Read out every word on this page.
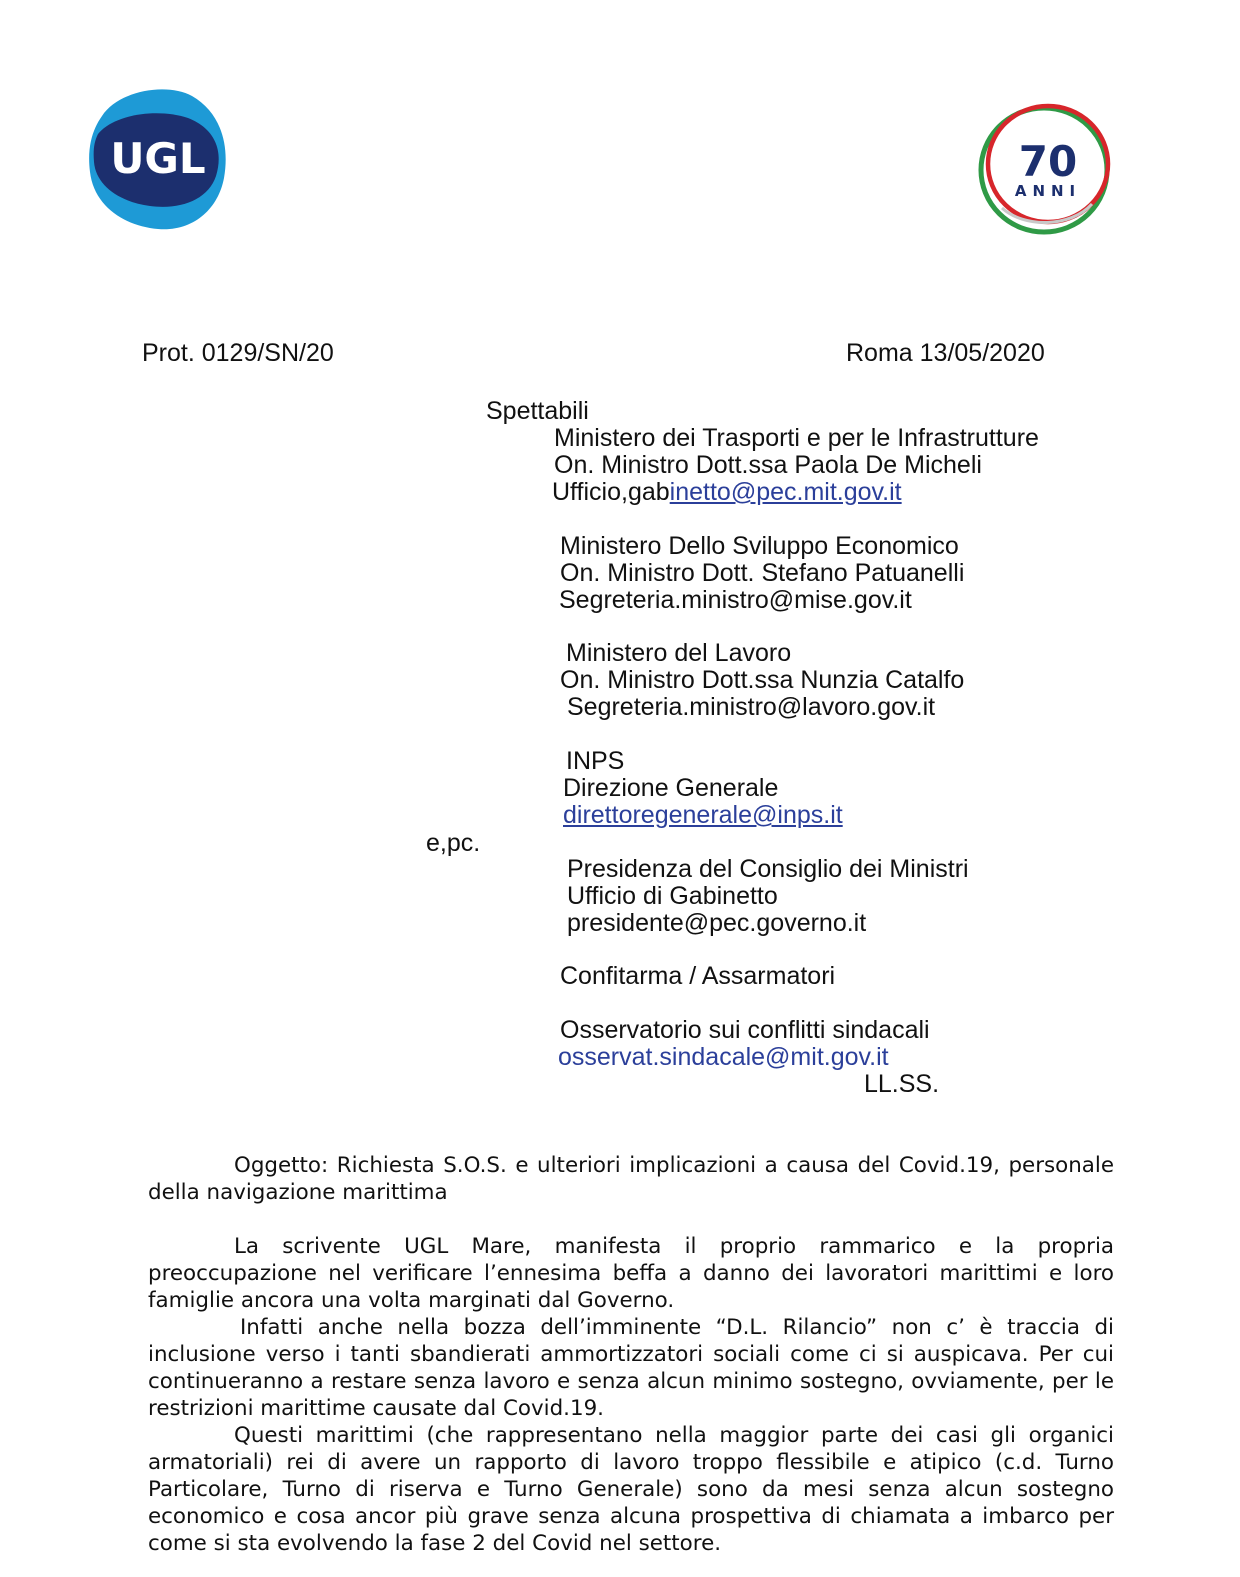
UGL	70
ANNI
Prot. 0129/SN/20	Roma 13/05/2020
Spettabili
Ministero dei Trasporti e per le Infrastrutture
On. Ministro Dott.ssa Paola De Micheli
Ufficio,gabinetto@pec.mit.gov.it
Ministero Dello Sviluppo Economico
On. Ministro Dott. Stefano Patuanelli
Segreteria.ministro@mise.gov.it
Ministero del Lavoro
On. Ministro Dott.ssa Nunzia Catalfo
Segreteria.ministro@lavoro.gov.it
e,pc.
INPS
Direzione Generale
direttoregenerale@inps.it
Presidenza del Consiglio dei Ministri
Ufficio di Gabinetto
presidente@pec.governo.it
Confitarma / Assarmatori
Osservatorio sui conflitti sindacali
osservat.sindacale@mit.gov.it
LL.SS.

Oggetto: Richiesta S.O.S. e ulteriori implicazioni a causa del Covid.19, personale della navigazione marittima

La scrivente UGL Mare, manifesta il proprio rammarico e la propria preoccupazione nel verificare l’ennesima beffa a danno dei lavoratori marittimi e loro famiglie ancora una volta marginati dal Governo.

Infatti anche nella bozza dell’imminente “D.L. Rilancio” non c’ è traccia di inclusione verso i tanti sbandierati ammortizzatori sociali come ci si auspicava. Per cui continueranno a restare senza lavoro e senza alcun minimo sostegno, ovviamente, per le restrizioni marittime causate dal Covid.19.

Questi marittimi (che rappresentano nella maggior parte dei casi gli organici armatoriali) rei di avere un rapporto di lavoro troppo flessibile e atipico (c.d. Turno Particolare, Turno di riserva e Turno Generale) sono da mesi senza alcun sostegno economico e cosa ancor più grave senza alcuna prospettiva di chiamata a imbarco per come si sta evolvendo la fase 2 del Covid nel settore.
